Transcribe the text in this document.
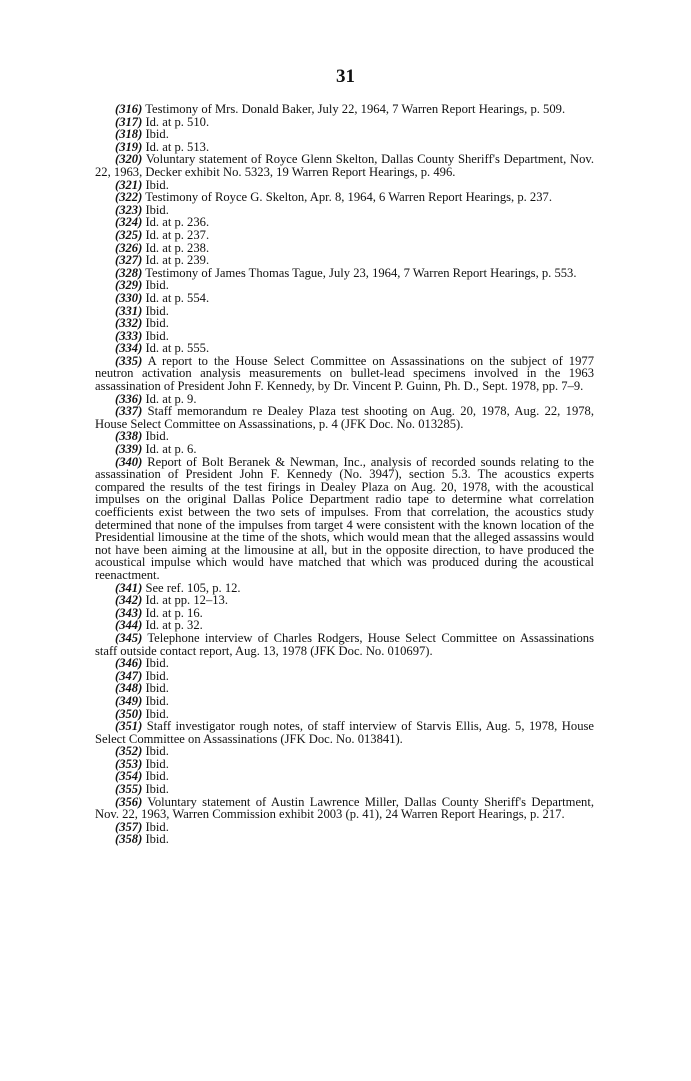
31

(316) Testimony of Mrs. Donald Baker, July 22, 1964, 7 Warren Report Hearings, p. 509.

(317) Id. at p. 510.

(318) Ibid.

(319) Id. at p. 513.

(320) Voluntary statement of Royce Glenn Skelton, Dallas County Sheriff's Department, Nov. 22, 1963, Decker exhibit No. 5323, 19 Warren Report Hearings, p. 496.

(321) Ibid.

(322) Testimony of Royce G. Skelton, Apr. 8, 1964, 6 Warren Report Hearings, p. 237.

(323) Ibid.

(324) Id. at p. 236.

(325) Id. at p. 237.

(326) Id. at p. 238.

(327) Id. at p. 239.

(328) Testimony of James Thomas Tague, July 23, 1964, 7 Warren Report Hearings, p. 553.

(329) Ibid.

(330) Id. at p. 554.

(331) Ibid.

(332) Ibid.

(333) Ibid.

(334) Id. at p. 555.

(335) A report to the House Select Committee on Assassinations on the subject of 1977 neutron activation analysis measurements on bullet-lead specimens involved in the 1963 assassination of President John F. Kennedy, by Dr. Vincent P. Guinn, Ph. D., Sept. 1978, pp. 7–9.

(336) Id. at p. 9.

(337) Staff memorandum re Dealey Plaza test shooting on Aug. 20, 1978, Aug. 22, 1978, House Select Committee on Assassinations, p. 4 (JFK Doc. No. 013285).

(338) Ibid.

(339) Id. at p. 6.

(340) Report of Bolt Beranek & Newman, Inc., analysis of recorded sounds relating to the assassination of President John F. Kennedy (No. 3947), section 5.3. The acoustics experts compared the results of the test firings in Dealey Plaza on Aug. 20, 1978, with the acoustical impulses on the original Dallas Police Department radio tape to determine what correlation coefficients exist between the two sets of impulses. From that correlation, the acoustics study determined that none of the impulses from target 4 were consistent with the known location of the Presidential limousine at the time of the shots, which would mean that the alleged assassins would not have been aiming at the limousine at all, but in the opposite direction, to have produced the acoustical impulse which would have matched that which was produced during the acoustical reenactment.

(341) See ref. 105, p. 12.

(342) Id. at pp. 12–13.

(343) Id. at p. 16.

(344) Id. at p. 32.

(345) Telephone interview of Charles Rodgers, House Select Committee on Assassinations staff outside contact report, Aug. 13, 1978 (JFK Doc. No. 010697).

(346) Ibid.

(347) Ibid.

(348) Ibid.

(349) Ibid.

(350) Ibid.

(351) Staff investigator rough notes, of staff interview of Starvis Ellis, Aug. 5, 1978, House Select Committee on Assassinations (JFK Doc. No. 013841).

(352) Ibid.

(353) Ibid.

(354) Ibid.

(355) Ibid.

(356) Voluntary statement of Austin Lawrence Miller, Dallas County Sheriff's Department, Nov. 22, 1963, Warren Commission exhibit 2003 (p. 41), 24 Warren Report Hearings, p. 217.

(357) Ibid.

(358) Ibid.
